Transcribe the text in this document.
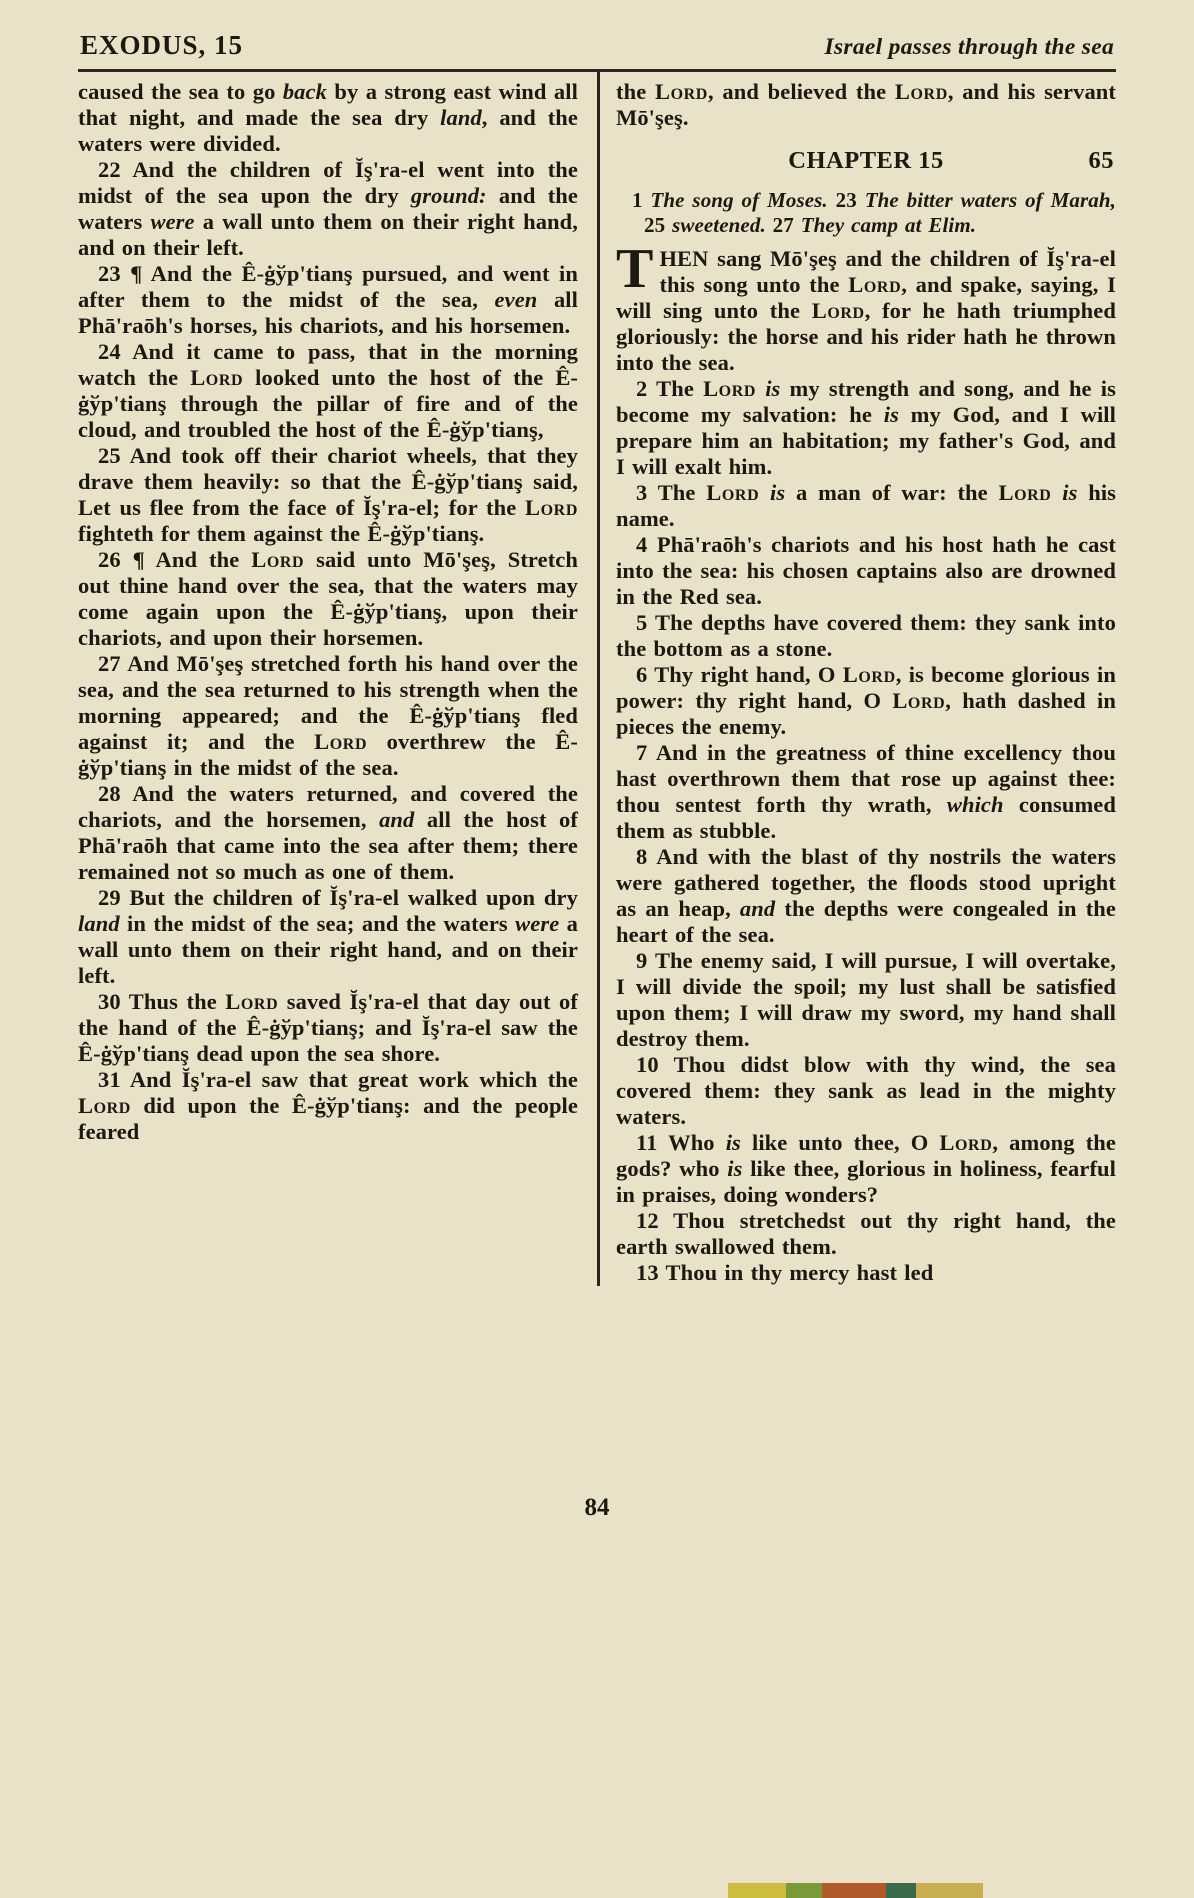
EXODUS, 15	Israel passes through the sea

caused the sea to go back by a strong east wind all that night, and made the sea dry land, and the waters were divided.

22 And the children of Ĭş'ra-el went into the midst of the sea upon the dry ground: and the waters were a wall unto them on their right hand, and on their left.

23 ¶ And the Ê-ġўp'tianş pursued, and went in after them to the midst of the sea, even all Phā'raōh's horses, his chariots, and his horsemen.

24 And it came to pass, that in the morning watch the Lord looked unto the host of the Ê-ġўp'tianş through the pillar of fire and of the cloud, and troubled the host of the Ê-ġўp'tianş,

25 And took off their chariot wheels, that they drave them heavily: so that the Ê-ġўp'tianş said, Let us flee from the face of Ĭş'ra-el; for the Lord fighteth for them against the Ê-ġўp'tianş.

26 ¶ And the Lord said unto Mō'şeş, Stretch out thine hand over the sea, that the waters may come again upon the Ê-ġўp'tianş, upon their chariots, and upon their horsemen.

27 And Mō'şeş stretched forth his hand over the sea, and the sea returned to his strength when the morning appeared; and the Ê-ġўp'tianş fled against it; and the Lord overthrew the Ê-ġўp'tianş in the midst of the sea.

28 And the waters returned, and covered the chariots, and the horsemen, and all the host of Phā'raōh that came into the sea after them; there remained not so much as one of them.

29 But the children of Ĭş'ra-el walked upon dry land in the midst of the sea; and the waters were a wall unto them on their right hand, and on their left.

30 Thus the Lord saved Ĭş'ra-el that day out of the hand of the Ê-ġўp'tianş; and Ĭş'ra-el saw the Ê-ġўp'tianş dead upon the sea shore.

31 And Ĭş'ra-el saw that great work which the Lord did upon the Ê-ġўp'tianş: and the people feared

the Lord, and believed the Lord, and his servant Mō'şeş.

CHAPTER 15	65

1 The song of Moses. 23 The bitter waters of Marah, 25 sweetened. 27 They camp at Elim.

THEN sang Mō'şeş and the children of Ĭş'ra-el this song unto the Lord, and spake, saying, I will sing unto the Lord, for he hath triumphed gloriously: the horse and his rider hath he thrown into the sea.

2 The Lord is my strength and song, and he is become my salvation: he is my God, and I will prepare him an habitation; my father's God, and I will exalt him.

3 The Lord is a man of war: the Lord is his name.

4 Phā'raōh's chariots and his host hath he cast into the sea: his chosen captains also are drowned in the Red sea.

5 The depths have covered them: they sank into the bottom as a stone.

6 Thy right hand, O Lord, is become glorious in power: thy right hand, O Lord, hath dashed in pieces the enemy.

7 And in the greatness of thine excellency thou hast overthrown them that rose up against thee: thou sentest forth thy wrath, which consumed them as stubble.

8 And with the blast of thy nostrils the waters were gathered together, the floods stood upright as an heap, and the depths were congealed in the heart of the sea.

9 The enemy said, I will pursue, I will overtake, I will divide the spoil; my lust shall be satisfied upon them; I will draw my sword, my hand shall destroy them.

10 Thou didst blow with thy wind, the sea covered them: they sank as lead in the mighty waters.

11 Who is like unto thee, O Lord, among the gods? who is like thee, glorious in holiness, fearful in praises, doing wonders?

12 Thou stretchedst out thy right hand, the earth swallowed them.

13 Thou in thy mercy hast led

84
